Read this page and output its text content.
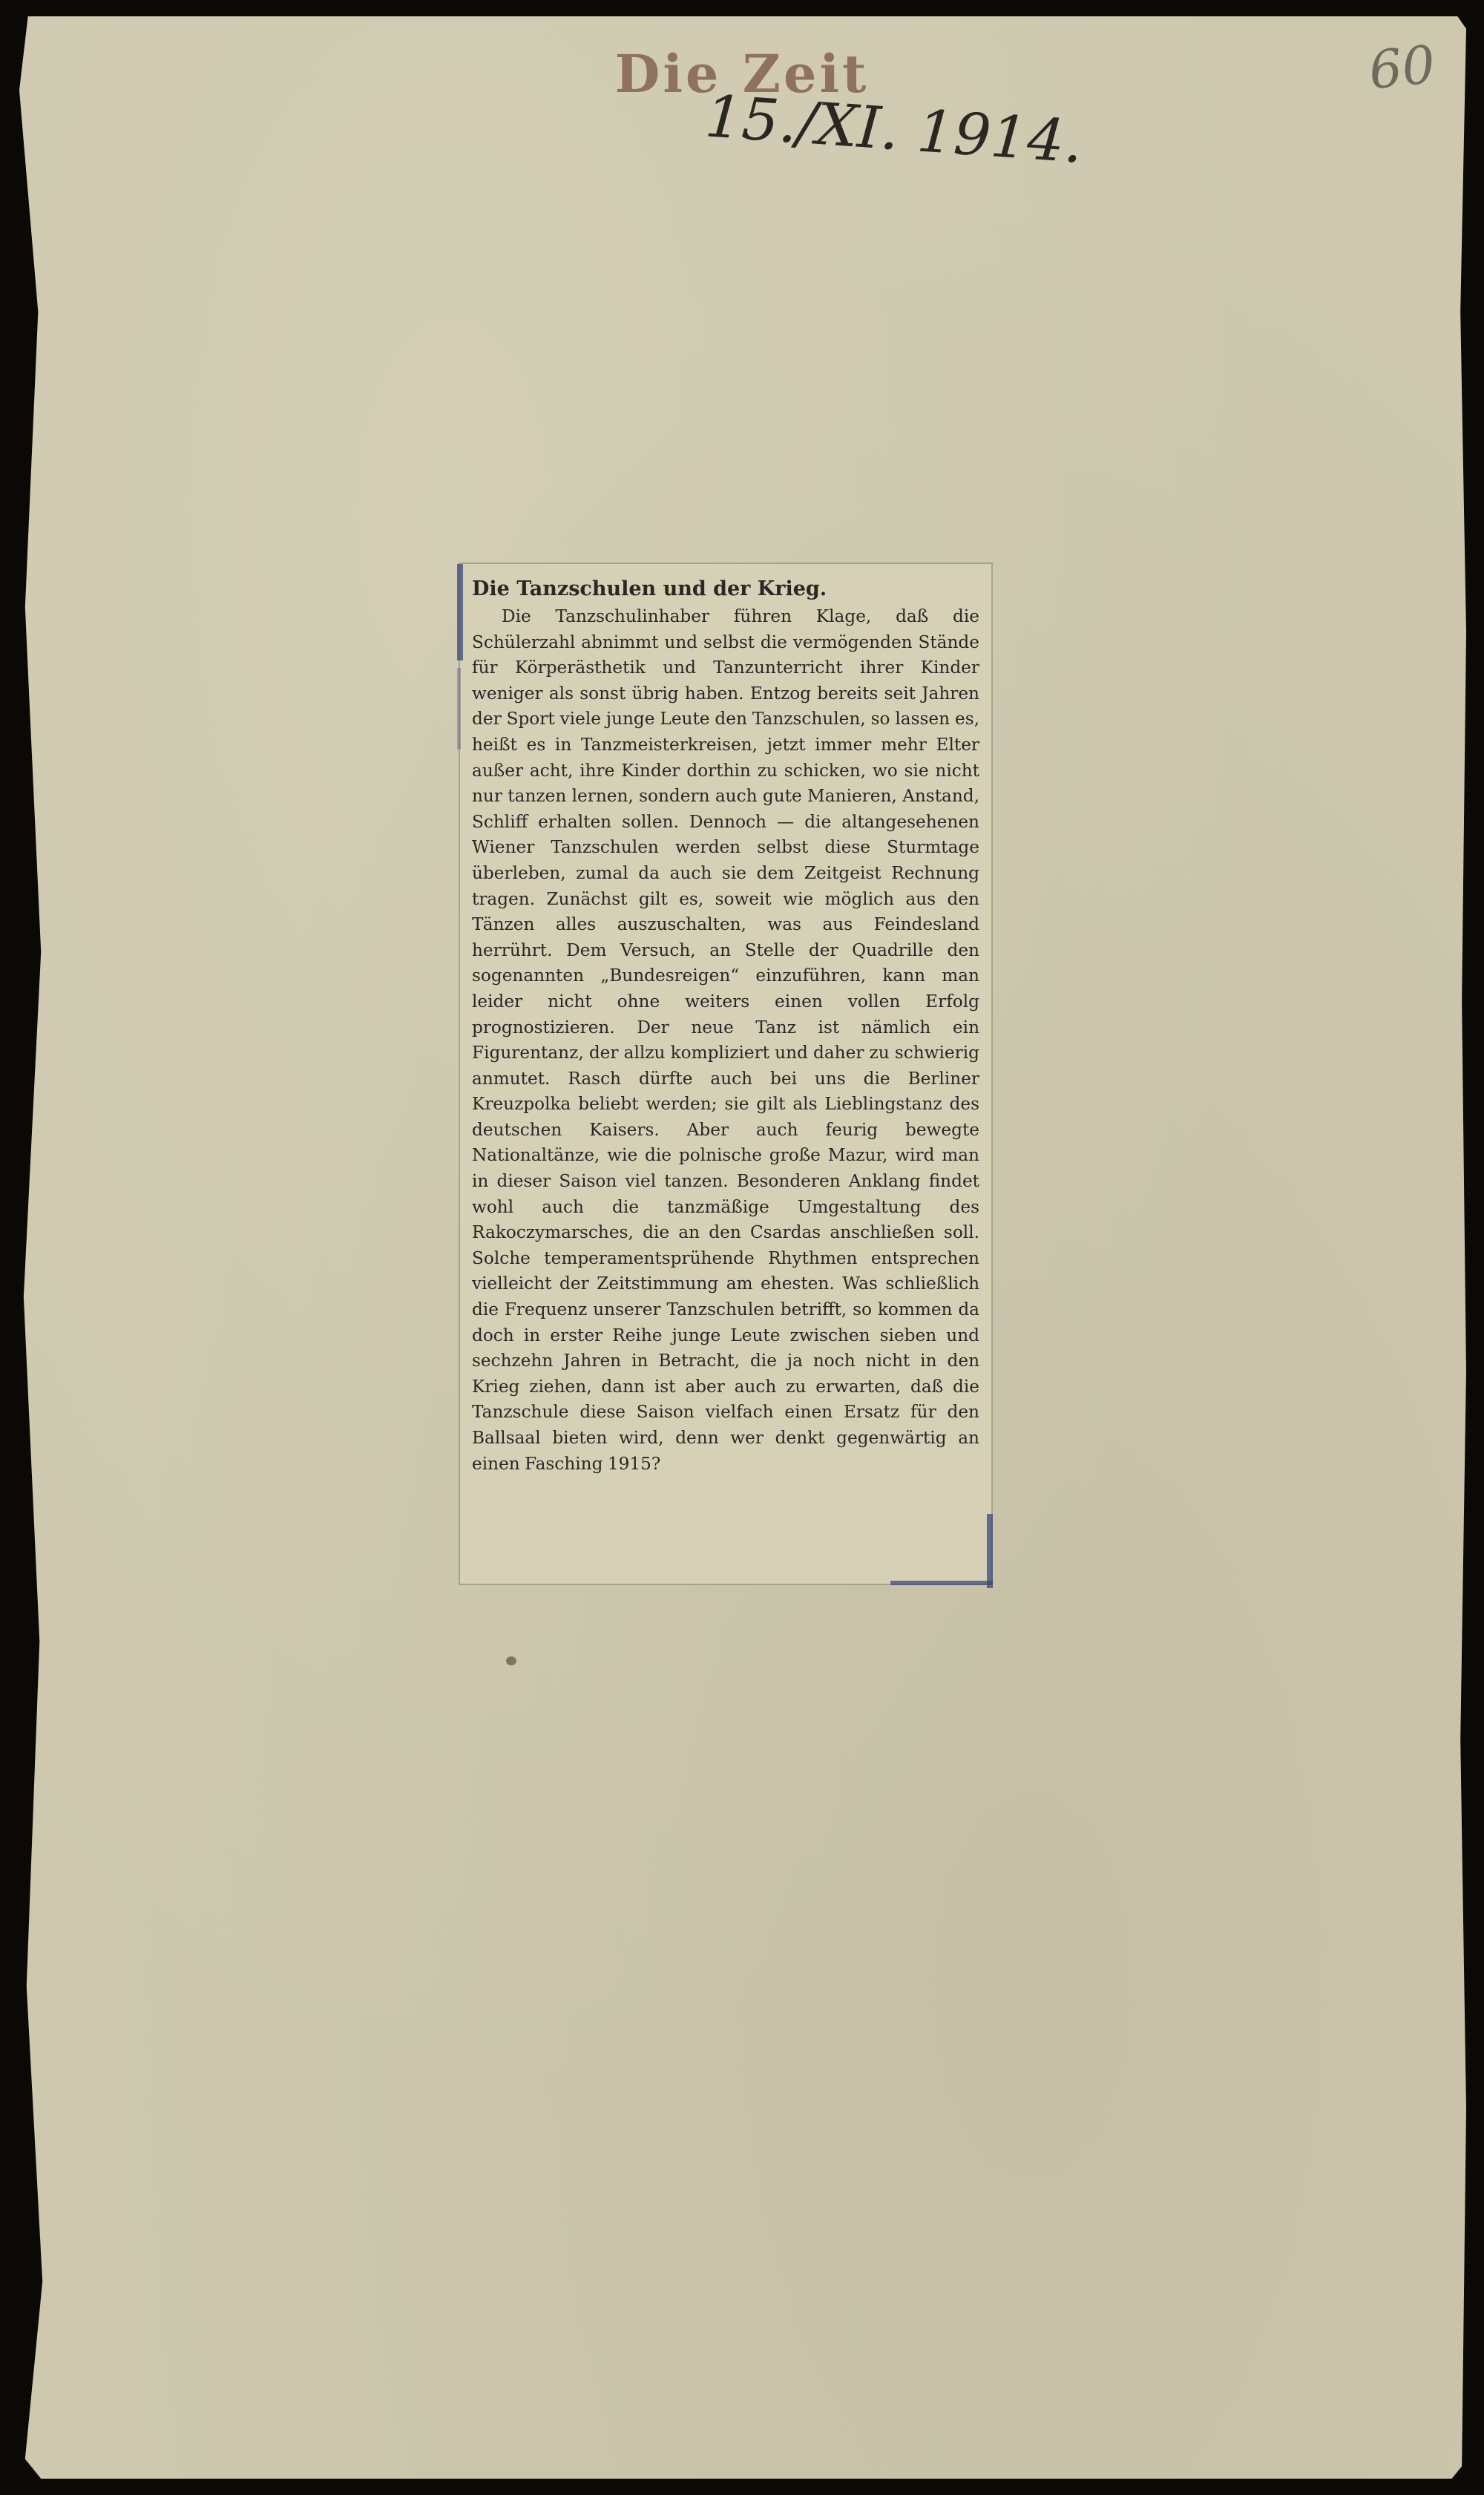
Die Zeit
15./XI. 1914.
60
Die Tanzschulen und der Krieg.

Die Tanzschulinhaber führen Klage, daß die Schülerzahl abnimmt und selbst die vermögenden Stände für Körperästhetik und Tanzunterricht ihrer Kinder weniger als sonst übrig haben. Entzog bereits seit Jahren der Sport viele junge Leute den Tanzschulen, so lassen es, heißt es in Tanzmeisterkreisen, jetzt immer mehr Elter außer acht, ihre Kinder dorthin zu schicken, wo sie nicht nur tanzen lernen, sondern auch gute Manieren, Anstand, Schliff erhalten sollen. Dennoch — die altangesehenen Wiener Tanzschulen werden selbst diese Sturmtage überleben, zumal da auch sie dem Zeitgeist Rechnung tragen. Zunächst gilt es, soweit wie möglich aus den Tänzen alles auszuschalten, was aus Feindesland herrührt. Dem Versuch, an Stelle der Quadrille den sogenannten „Bundesreigen“ einzuführen, kann man leider nicht ohne weiters einen vollen Erfolg prognostizieren. Der neue Tanz ist nämlich ein Figurentanz, der allzu kompliziert und daher zu schwierig anmutet. Rasch dürfte auch bei uns die Berliner Kreuzpolka beliebt werden; sie gilt als Lieblingstanz des deutschen Kaisers. Aber auch feurig bewegte Nationaltänze, wie die polnische große Mazur, wird man in dieser Saison viel tanzen. Besonderen Anklang findet wohl auch die tanzmäßige Umgestaltung des Rakoczymarsches, die an den Csardas anschließen soll. Solche temperamentsprühende Rhythmen entsprechen vielleicht der Zeitstimmung am ehesten. Was schließlich die Frequenz unserer Tanzschulen betrifft, so kommen da doch in erster Reihe junge Leute zwischen sieben und sechzehn Jahren in Betracht, die ja noch nicht in den Krieg ziehen, dann ist aber auch zu erwarten, daß die Tanzschule diese Saison vielfach einen Ersatz für den Ballsaal bieten wird, denn wer denkt gegenwärtig an einen Fasching 1915?
